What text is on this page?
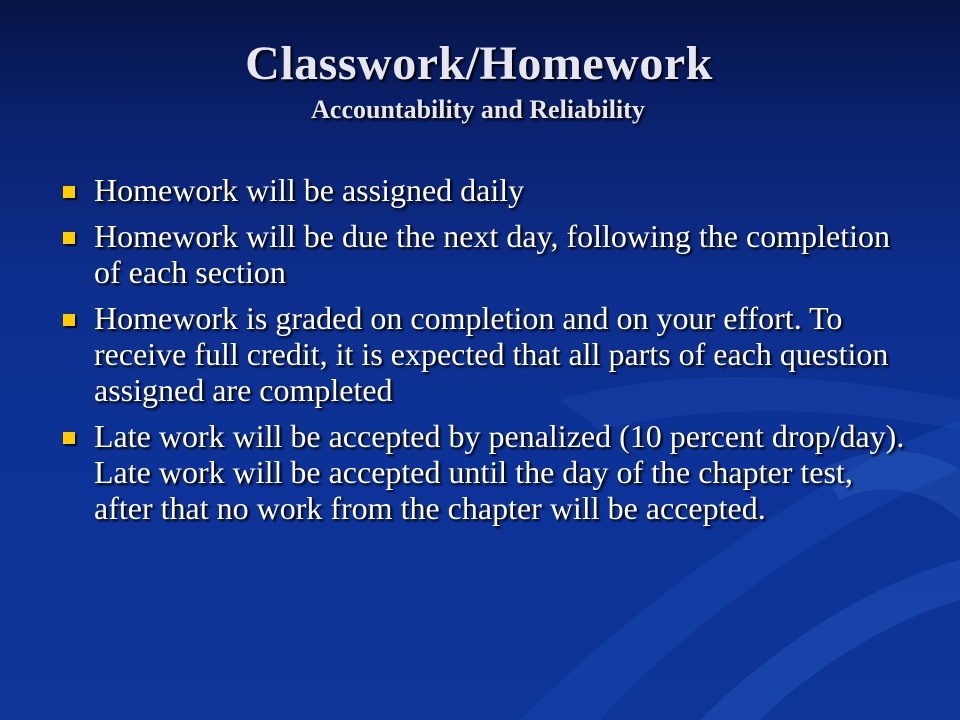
Classwork/Homework
Accountability and Reliability
Homework will be assigned daily
Homework will be due the next day, following the completion of each section
Homework is graded on completion and on your effort. To receive full credit, it is expected that all parts of each question assigned are completed
Late work will be accepted by penalized (10 percent drop/day). Late work will be accepted until the day of the chapter test, after that no work from the chapter will be accepted.
